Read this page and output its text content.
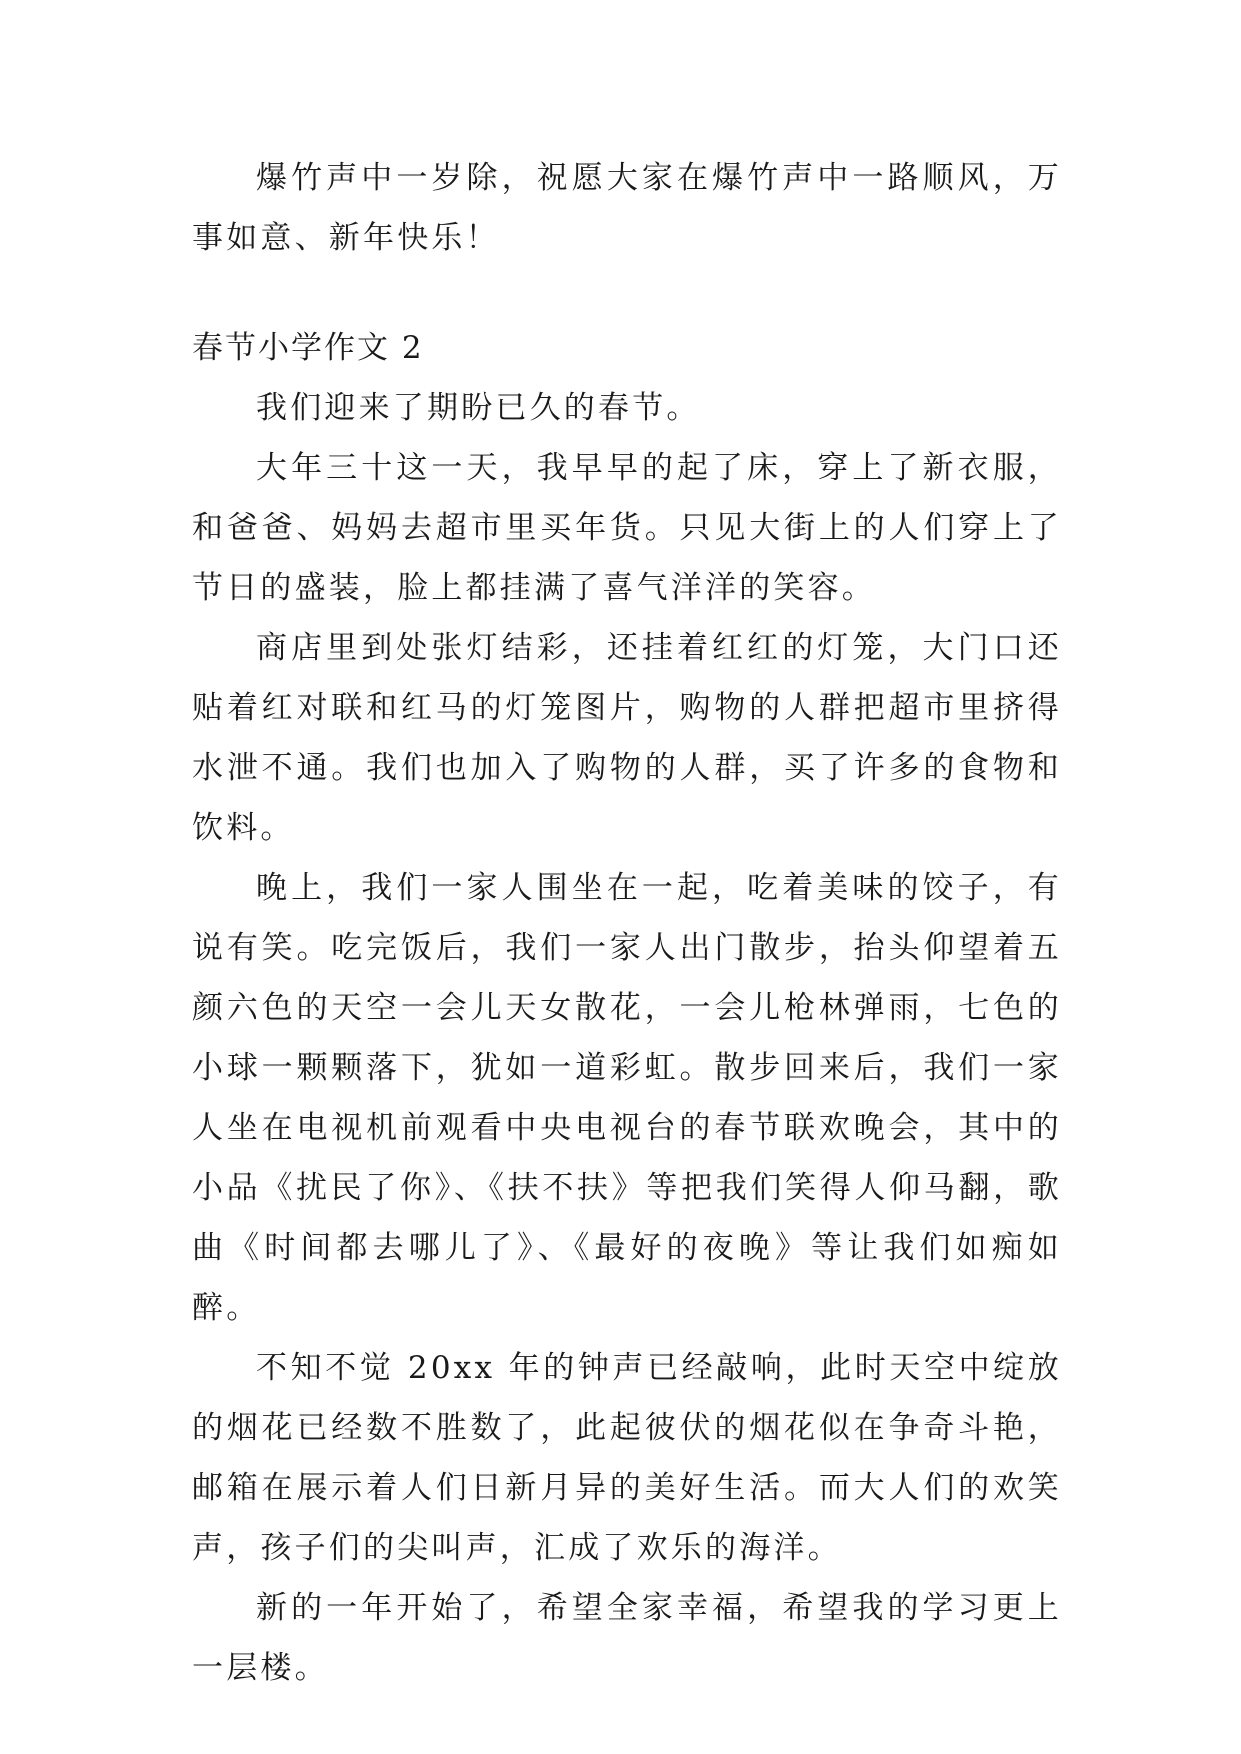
爆竹声中一岁除，祝愿大家在爆竹声中一路顺风，万事如意、新年快乐！

春节小学作文 2

我们迎来了期盼已久的春节。

大年三十这一天，我早早的起了床，穿上了新衣服，和爸爸、妈妈去超市里买年货。只见大街上的人们穿上了节日的盛装，脸上都挂满了喜气洋洋的笑容。

商店里到处张灯结彩，还挂着红红的灯笼，大门口还贴着红对联和红马的灯笼图片，购物的人群把超市里挤得水泄不通。我们也加入了购物的人群，买了许多的食物和饮料。

晚上，我们一家人围坐在一起，吃着美味的饺子，有说有笑。吃完饭后，我们一家人出门散步，抬头仰望着五颜六色的天空一会儿天女散花，一会儿枪林弹雨，七色的小球一颗颗落下，犹如一道彩虹。散步回来后，我们一家人坐在电视机前观看中央电视台的春节联欢晚会，其中的小品《扰民了你》、《扶不扶》等把我们笑得人仰马翻，歌曲《时间都去哪儿了》、《最好的夜晚》等让我们如痴如醉。

不知不觉 20xx 年的钟声已经敲响，此时天空中绽放的烟花已经数不胜数了，此起彼伏的烟花似在争奇斗艳，邮箱在展示着人们日新月异的美好生活。而大人们的欢笑声，孩子们的尖叫声，汇成了欢乐的海洋。

新的一年开始了，希望全家幸福，希望我的学习更上一层楼。
